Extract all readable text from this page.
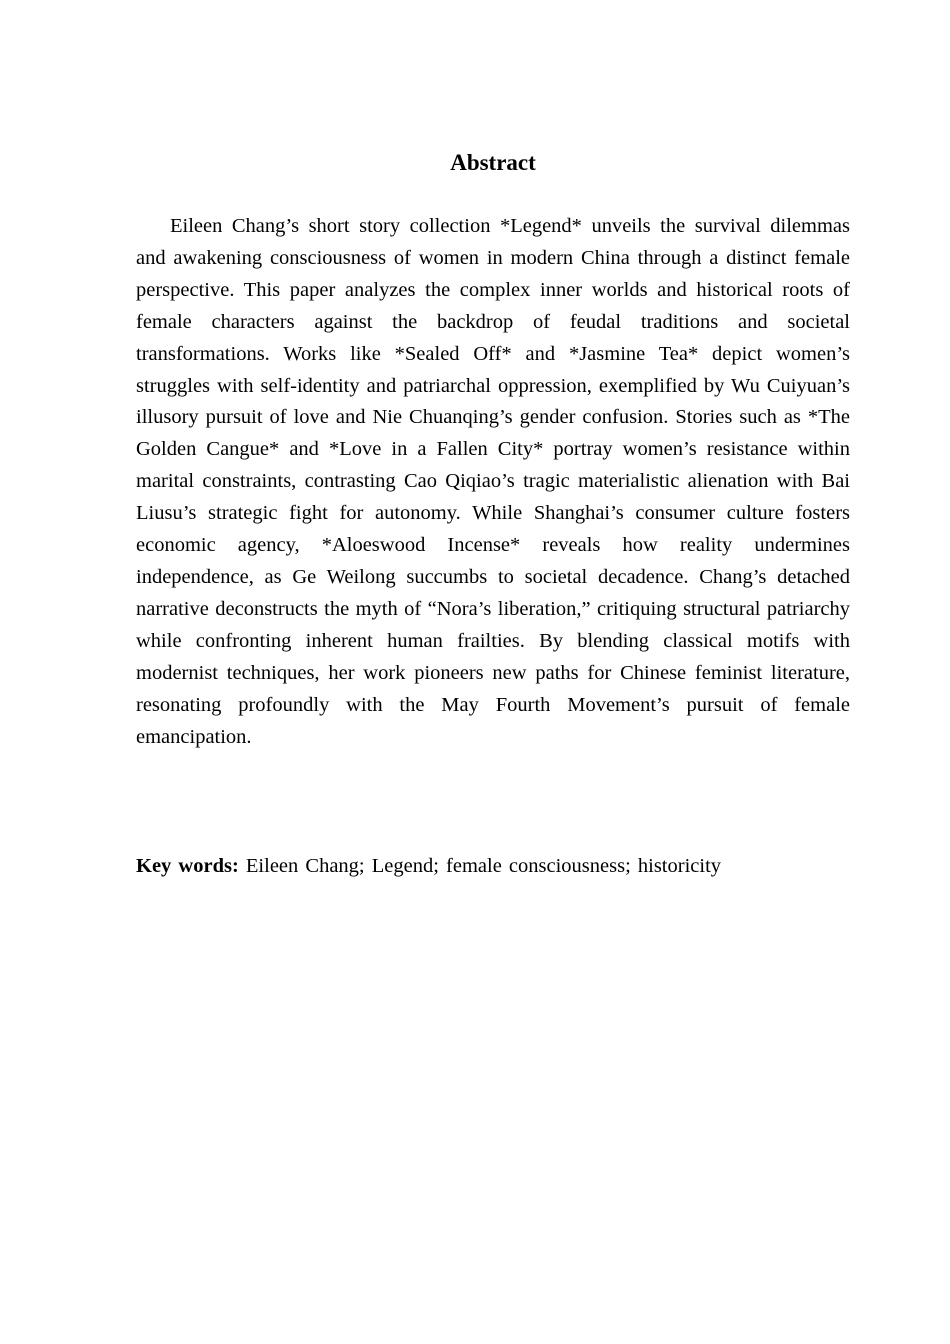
Abstract

Eileen Chang’s short story collection *Legend* unveils the survival dilemmas and awakening consciousness of women in modern China through a distinct female perspective. This paper analyzes the complex inner worlds and historical roots of female characters against the backdrop of feudal traditions and societal transformations. Works like *Sealed Off* and *Jasmine Tea* depict women’s struggles with self-identity and patriarchal oppression, exemplified by Wu Cuiyuan’s illusory pursuit of love and Nie Chuanqing’s gender confusion. Stories such as *The Golden Cangue* and *Love in a Fallen City* portray women’s resistance within marital constraints, contrasting Cao Qiqiao’s tragic materialistic alienation with Bai Liusu’s strategic fight for autonomy. While Shanghai’s consumer culture fosters economic agency, *Aloeswood Incense* reveals how reality undermines independence, as Ge Weilong succumbs to societal decadence. Chang’s detached narrative deconstructs the myth of “Nora’s liberation,” critiquing structural patriarchy while confronting inherent human frailties. By blending classical motifs with modernist techniques, her work pioneers new paths for Chinese feminist literature, resonating profoundly with the May Fourth Movement’s pursuit of female emancipation.

Key words: Eileen Chang; Legend; female consciousness; historicity
